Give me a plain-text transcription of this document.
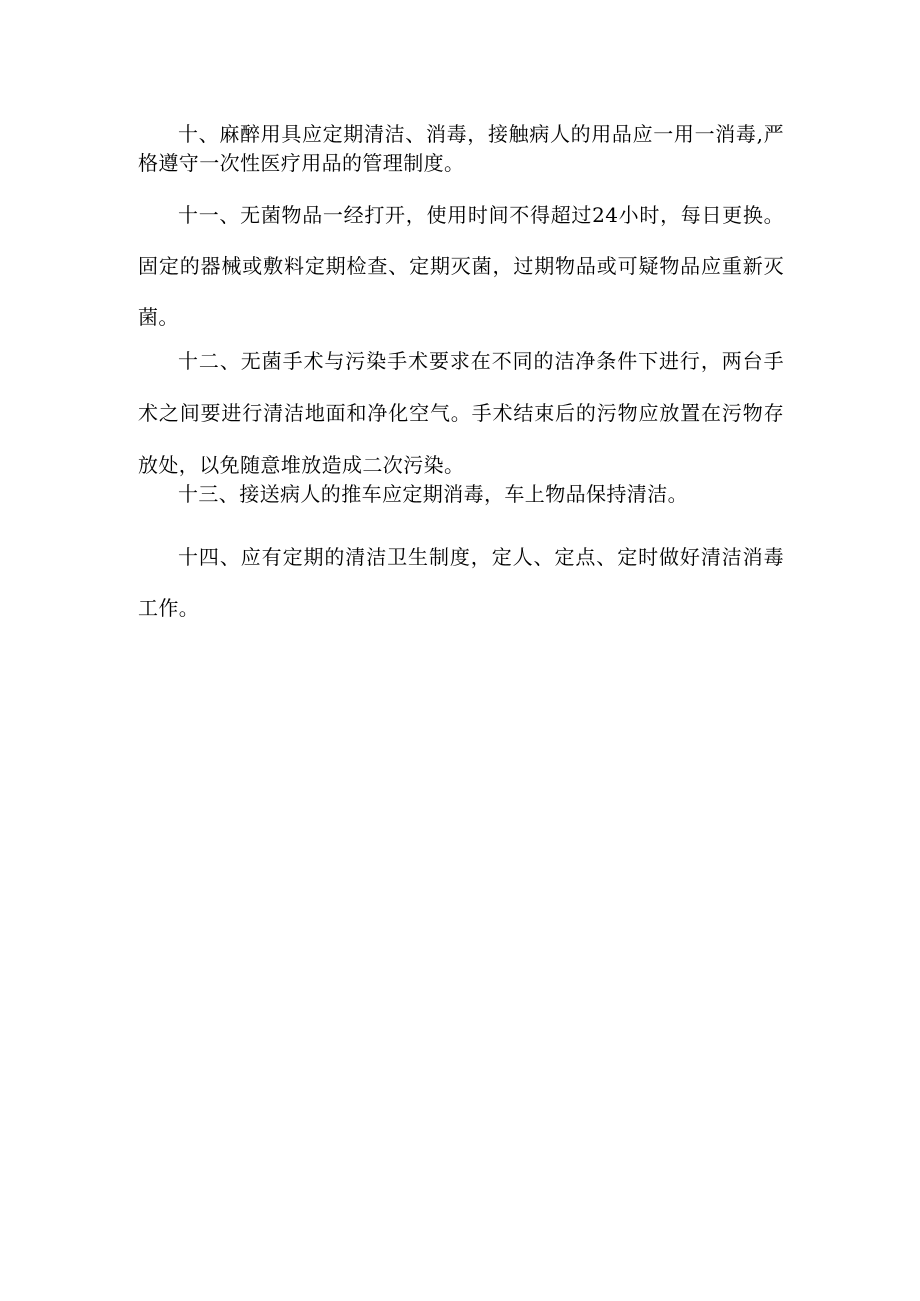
十、麻醉用具应定期清洁、消毒，接触病人的用品应一用一消毒,严格遵守一次性医疗用品的管理制度。

十一、无菌物品一经打开，使用时间不得超过24小时，每日更换。固定的器械或敷料定期检查、定期灭菌，过期物品或可疑物品应重新灭菌。

十二、无菌手术与污染手术要求在不同的洁净条件下进行，两台手术之间要进行清洁地面和净化空气。手术结束后的污物应放置在污物存放处，以免随意堆放造成二次污染。

十三、接送病人的推车应定期消毒，车上物品保持清洁。

十四、应有定期的清洁卫生制度，定人、定点、定时做好清洁消毒工作。
